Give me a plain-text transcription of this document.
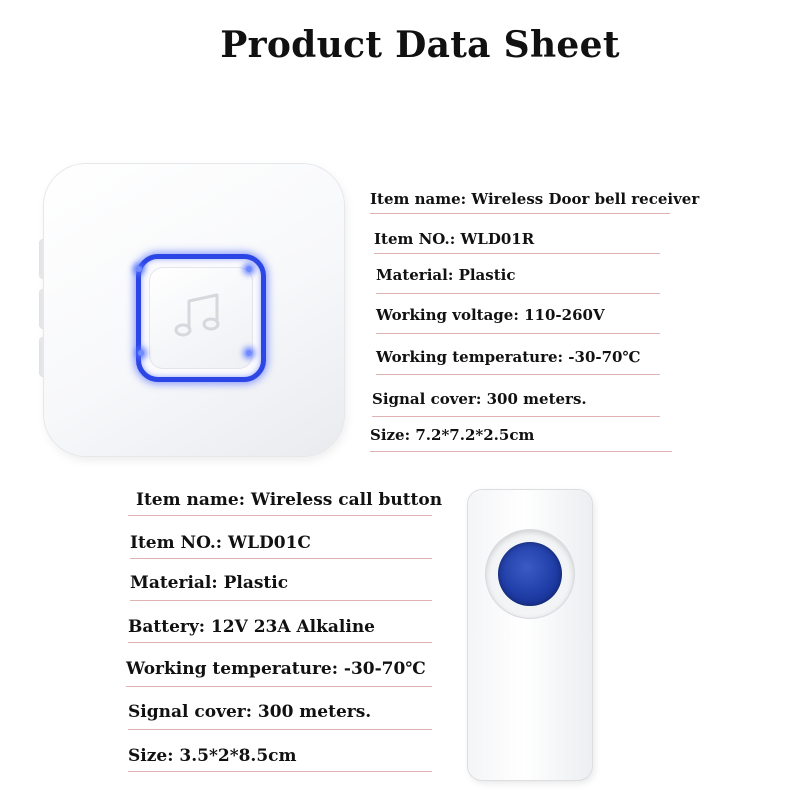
Product Data Sheet
Item name: Wireless Door bell receiver
Item NO.: WLD01R
Material: Plastic
Working voltage: 110-260V
Working temperature: -30-70℃
Signal cover: 300 meters.
Size: 7.2*7.2*2.5cm
Item name: Wireless call button
Item NO.: WLD01C
Material: Plastic
Battery: 12V 23A Alkaline
Working temperature: -30-70℃
Signal cover: 300 meters.
Size: 3.5*2*8.5cm
